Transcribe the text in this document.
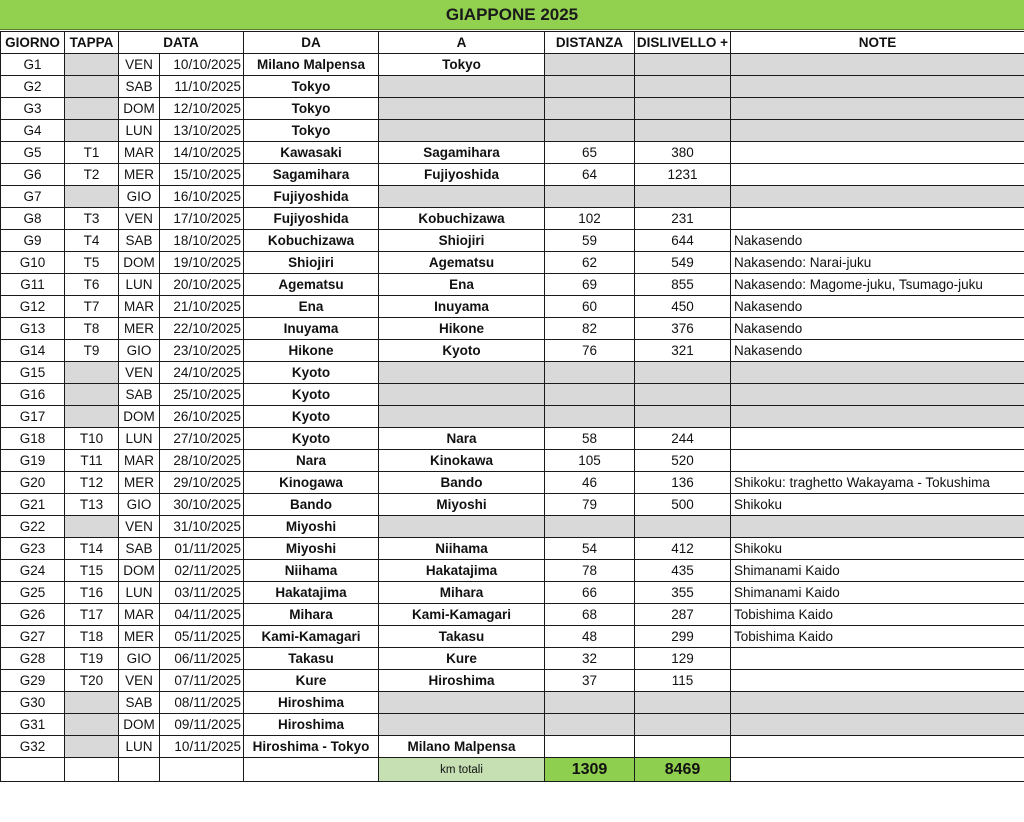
GIAPPONE 2025
GIORNO	TAPPA	DATA		DA	A	DISTANZA	DISLIVELLO +	NOTE
G1		VEN	10/10/2025	Milano Malpensa	Tokyo			
G2		SAB	11/10/2025	Tokyo				
G3		DOM	12/10/2025	Tokyo				
G4		LUN	13/10/2025	Tokyo				
G5	T1	MAR	14/10/2025	Kawasaki	Sagamihara	65	380	
G6	T2	MER	15/10/2025	Sagamihara	Fujiyoshida	64	1231	
G7		GIO	16/10/2025	Fujiyoshida				
G8	T3	VEN	17/10/2025	Fujiyoshida	Kobuchizawa	102	231	
G9	T4	SAB	18/10/2025	Kobuchizawa	Shiojiri	59	644	Nakasendo
G10	T5	DOM	19/10/2025	Shiojiri	Agematsu	62	549	Nakasendo: Narai-juku
G11	T6	LUN	20/10/2025	Agematsu	Ena	69	855	Nakasendo: Magome-juku, Tsumago-juku
G12	T7	MAR	21/10/2025	Ena	Inuyama	60	450	Nakasendo
G13	T8	MER	22/10/2025	Inuyama	Hikone	82	376	Nakasendo
G14	T9	GIO	23/10/2025	Hikone	Kyoto	76	321	Nakasendo
G15		VEN	24/10/2025	Kyoto				
G16		SAB	25/10/2025	Kyoto				
G17		DOM	26/10/2025	Kyoto				
G18	T10	LUN	27/10/2025	Kyoto	Nara	58	244	
G19	T11	MAR	28/10/2025	Nara	Kinokawa	105	520	
G20	T12	MER	29/10/2025	Kinogawa	Bando	46	136	Shikoku: traghetto Wakayama - Tokushima
G21	T13	GIO	30/10/2025	Bando	Miyoshi	79	500	Shikoku
G22		VEN	31/10/2025	Miyoshi				
G23	T14	SAB	01/11/2025	Miyoshi	Niihama	54	412	Shikoku
G24	T15	DOM	02/11/2025	Niihama	Hakatajima	78	435	Shimanami Kaido
G25	T16	LUN	03/11/2025	Hakatajima	Mihara	66	355	Shimanami Kaido
G26	T17	MAR	04/11/2025	Mihara	Kami-Kamagari	68	287	Tobishima Kaido
G27	T18	MER	05/11/2025	Kami-Kamagari	Takasu	48	299	Tobishima Kaido
G28	T19	GIO	06/11/2025	Takasu	Kure	32	129	
G29	T20	VEN	07/11/2025	Kure	Hiroshima	37	115	
G30		SAB	08/11/2025	Hiroshima				
G31		DOM	09/11/2025	Hiroshima				
G32		LUN	10/11/2025	Hiroshima - Tokyo	Milano Malpensa			
					km totali	1309	8469	
